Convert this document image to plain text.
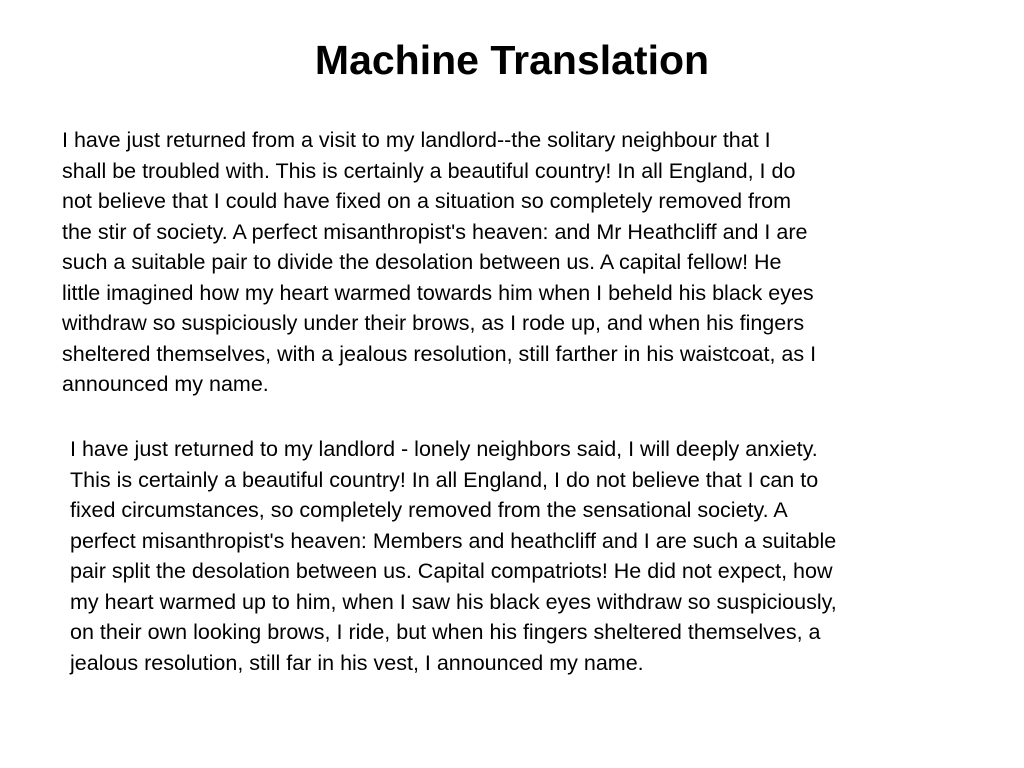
Machine Translation

I have just returned from a visit to my landlord--the solitary neighbour that I
shall be troubled with. This is certainly a beautiful country! In all England, I do
not believe that I could have fixed on a situation so completely removed from
the stir of society. A perfect misanthropist's heaven: and Mr Heathcliff and I are
such a suitable pair to divide the desolation between us. A capital fellow! He
little imagined how my heart warmed towards him when I beheld his black eyes
withdraw so suspiciously under their brows, as I rode up, and when his fingers
sheltered themselves, with a jealous resolution, still farther in his waistcoat, as I
announced my name.

I have just returned to my landlord - lonely neighbors said, I will deeply anxiety.
This is certainly a beautiful country! In all England, I do not believe that I can to
fixed circumstances, so completely removed from the sensational society. A
perfect misanthropist's heaven: Members and heathcliff and I are such a suitable
pair split the desolation between us. Capital compatriots! He did not expect, how
my heart warmed up to him, when I saw his black eyes withdraw so suspiciously,
on their own looking brows, I ride, but when his fingers sheltered themselves, a
jealous resolution, still far in his vest, I announced my name.
